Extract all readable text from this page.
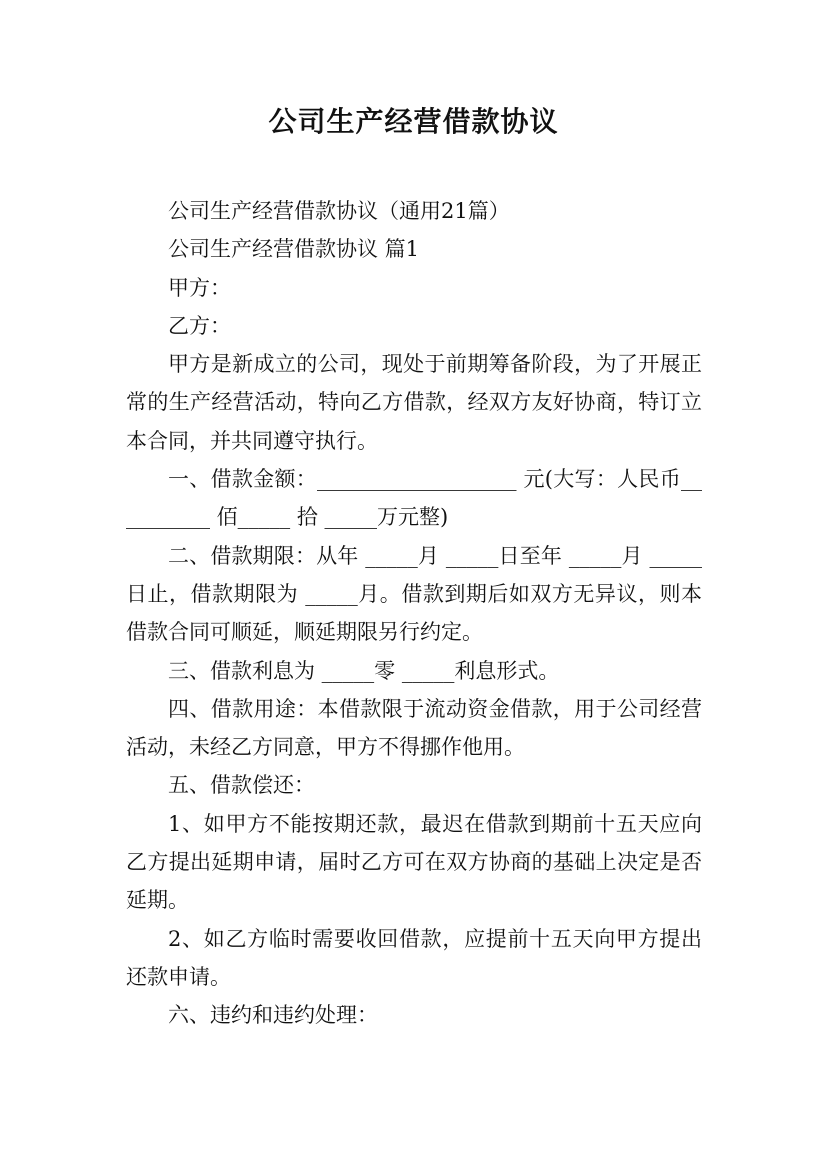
公司生产经营借款协议

公司生产经营借款协议（通用21篇）

公司生产经营借款协议 篇1

甲方：

乙方：

甲方是新成立的公司，现处于前期筹备阶段，为了开展正常的生产经营活动，特向乙方借款，经双方友好协商，特订立本合同，并共同遵守执行。

一、借款金额：___________________ 元(大写：人民币__________ 佰_____ 拾 _____万元整)

二、借款期限：从年 _____月 _____日至年 _____月 _____ 日止，借款期限为 _____月。借款到期后如双方无异议，则本借款合同可顺延，顺延期限另行约定。

三、借款利息为 _____零 _____利息形式。

四、借款用途：本借款限于流动资金借款，用于公司经营活动，未经乙方同意，甲方不得挪作他用。

五、借款偿还：

1、如甲方不能按期还款，最迟在借款到期前十五天应向乙方提出延期申请，届时乙方可在双方协商的基础上决定是否延期。

2、如乙方临时需要收回借款，应提前十五天向甲方提出还款申请。

六、违约和违约处理：
